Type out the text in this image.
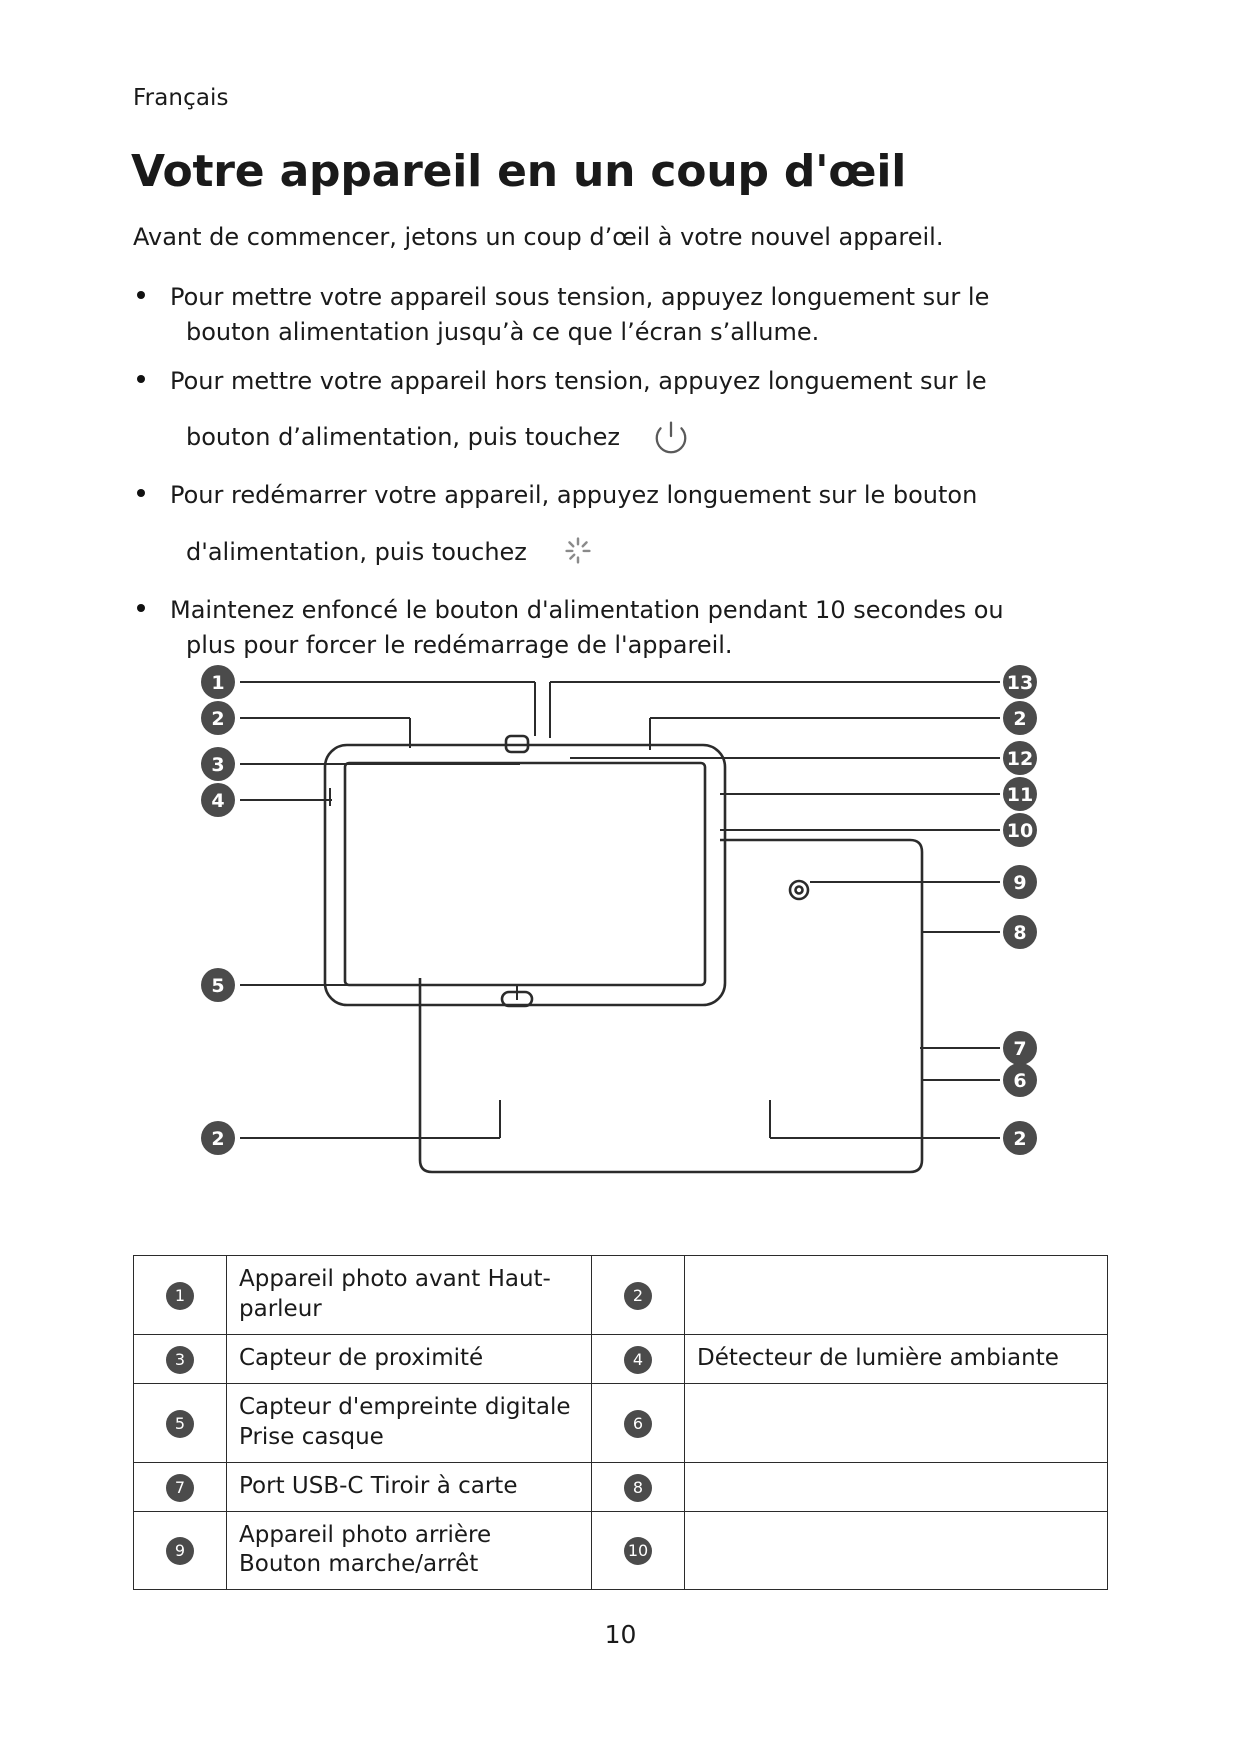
Français
Votre appareil en un coup d'œil
Avant de commencer, jetons un coup d’œil à votre nouvel appareil.

Pour mettre votre appareil sous tension, appuyez longuement sur le

bouton alimentation jusqu’à ce que l’écran s’allume.

Pour mettre votre appareil hors tension, appuyez longuement sur le

bouton d’alimentation, puis touchez

Pour redémarrer votre appareil, appuyez longuement sur le bouton

d'alimentation, puis touchez

Maintenez enfoncé le bouton d'alimentation pendant 10 secondes ou

plus pour forcer le redémarrage de l'appareil.

1
2
3
4
5
2
13
2
12
11
10
9
8
7
6
2
1	Appareil photo avant Haut-parleur	2	
3	Capteur de proximité	4	Détecteur de lumière ambiante
5	Capteur d'empreinte digitale Prise casque	6	
7	Port USB-C Tiroir à carte	8	
9	Appareil photo arrière Bouton marche/arrêt	10	
10
